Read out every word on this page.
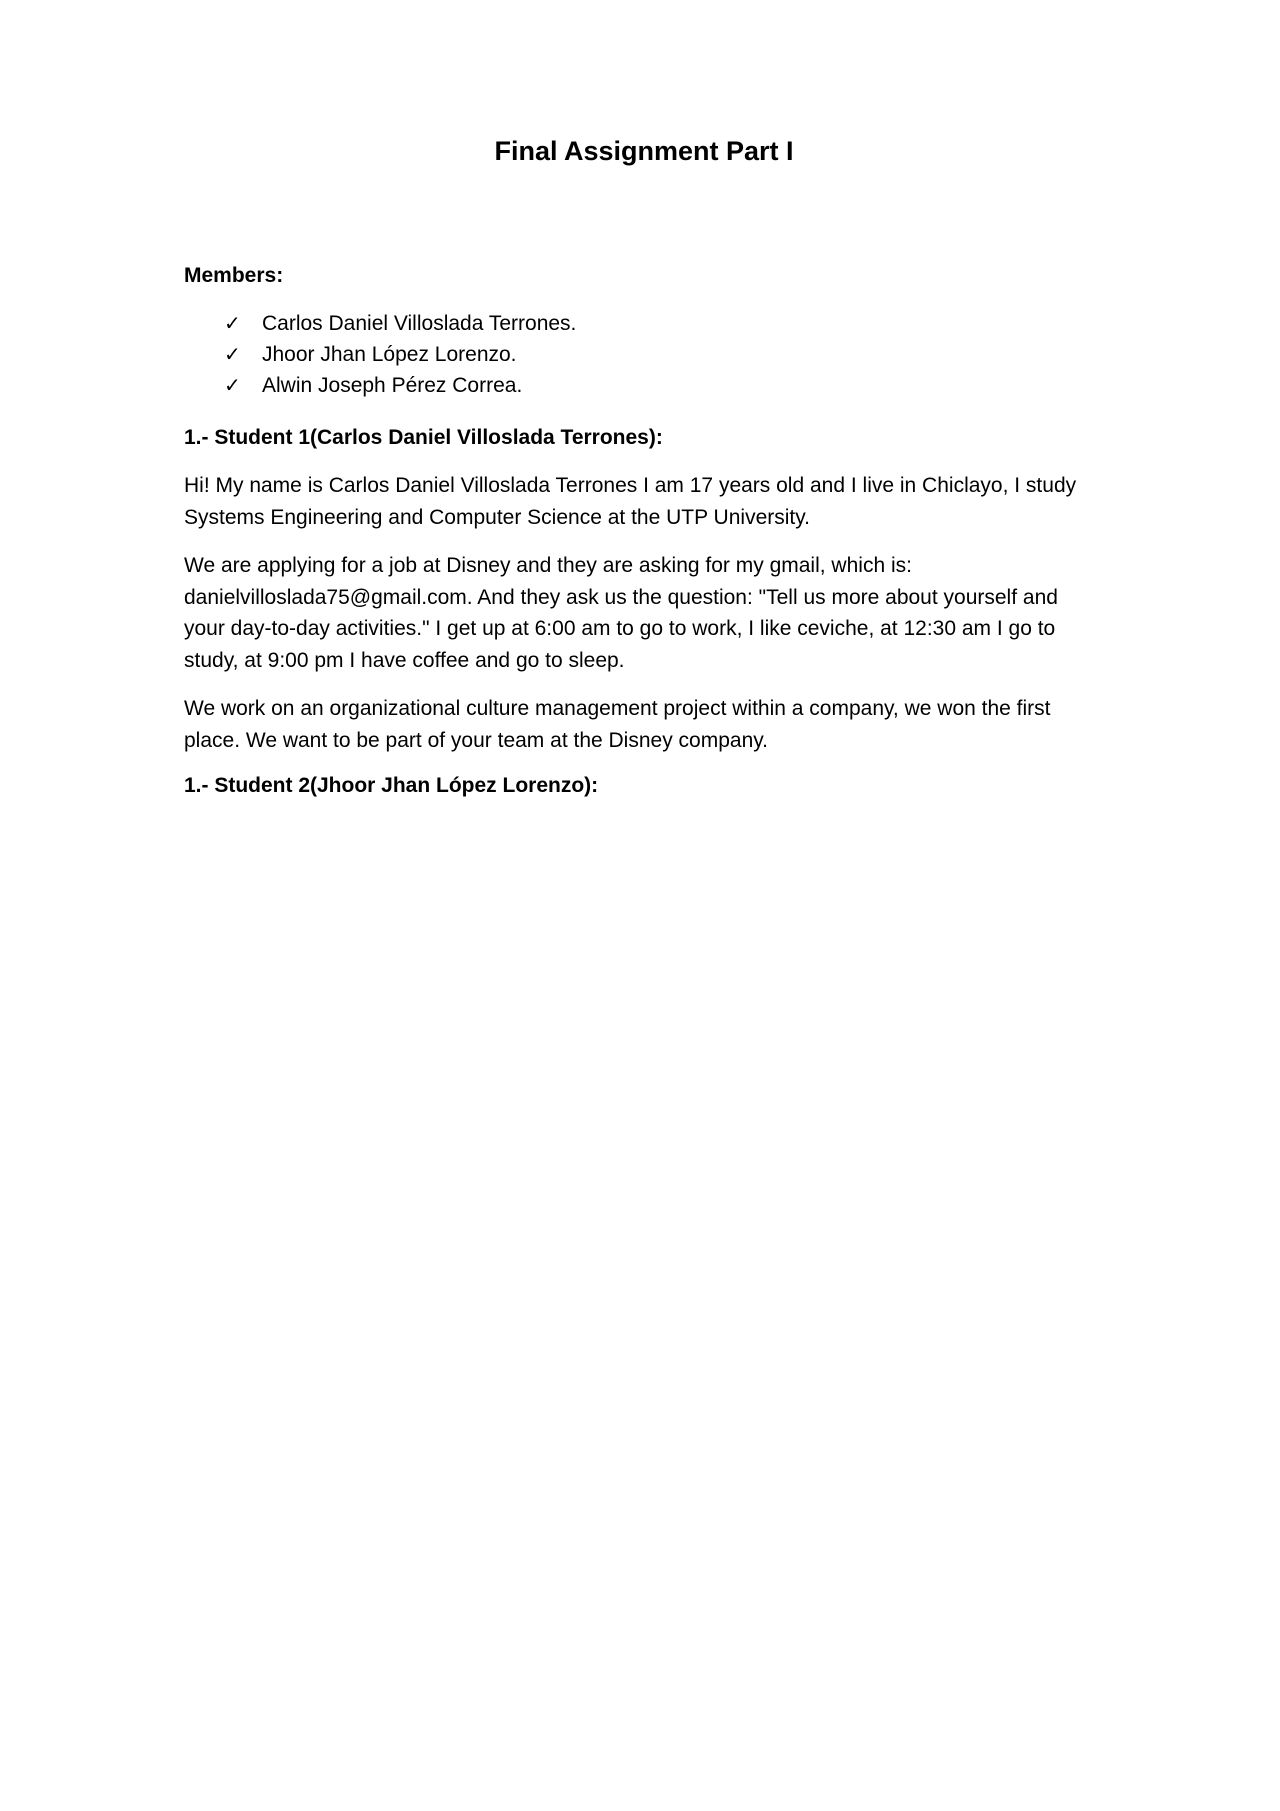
Final Assignment Part I

Members:

✓ Carlos Daniel Villoslada Terrones.
✓ Jhoor Jhan López Lorenzo.
✓ Alwin Joseph Pérez Correa.

1.- Student 1(Carlos Daniel Villoslada Terrones):

Hi! My name is Carlos Daniel Villoslada Terrones I am 17 years old and I live in Chiclayo, I study
Systems Engineering and Computer Science at the UTP University.

We are applying for a job at Disney and they are asking for my gmail, which is:
danielvilloslada75@gmail.com. And they ask us the question: "Tell us more about yourself and
your day-to-day activities." I get up at 6:00 am to go to work, I like ceviche, at 12:30 am I go to
study, at 9:00 pm I have coffee and go to sleep.

We work on an organizational culture management project within a company, we won the first
place. We want to be part of your team at the Disney company.

1.- Student 2(Jhoor Jhan López Lorenzo):
